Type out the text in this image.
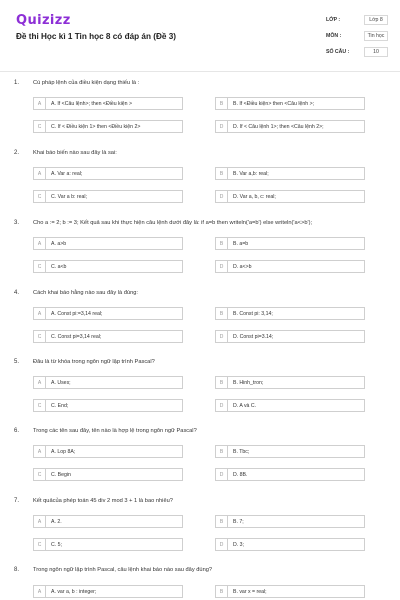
Quizizz
Đề thi Học kì 1 Tin học 8 có đáp án (Đề 3)
LỚP :	Lớp 8
MÔN :	Tin học
SỐ CÂU :	10
1. Cú pháp lệnh của điều kiện dạng thiếu là :
A	A. If <Câu lệnh>; then <Điều kiện >	B	B. If <Điều kiện> then <Câu lệnh >;
C	C. If < Điều kiện 1> then <Điều kiện 2>	D	D. If < Câu lệnh 1>; then <Câu lệnh 2>;
2. Khai báo biến nào sau đây là sai:
A	A. Var a: real;	B	B. Var a,b: real;
C	C. Var a b: real;	D	D. Var a, b, c: real;
3. Cho a := 2; b := 3; Kết quả sau khi thực hiện câu lệnh dưới đây là: if a=b then writeln('a=b') else writeln('a<>b');
A	A. a>b	B	B. a=b
C	C. a<b	D	D. a<>b
4. Cách khai báo hằng nào sau đây là đúng:
A	A. Const pi:=3,14 real;	B	B. Const pi: 3,14;
C	C. Const pi=3,14 real;	D	D. Const pi=3.14;
5. Đâu là từ khóa trong ngôn ngữ lập trình Pascal?
A	A. Uses;	B	B. Hinh_tron;
C	C. End;	D	D. A và C.
6. Trong các tên sau đây, tên nào là hợp lệ trong ngôn ngữ Pascal?
A	A. Lop 8A;	B	B. Tbc;
C	C. Begin	D	D. 8B.
7. Kết quảcủa phép toán 45 div 2 mod 3 + 1 là bao nhiêu?
A	A. 2.	B	B. 7;
C	C. 5;	D	D. 3;
8. Trong ngôn ngữ lập trình Pascal, câu lệnh khai báo nào sau đây đúng?
A	A. var a, b : integer;	B	B. var x = real;
